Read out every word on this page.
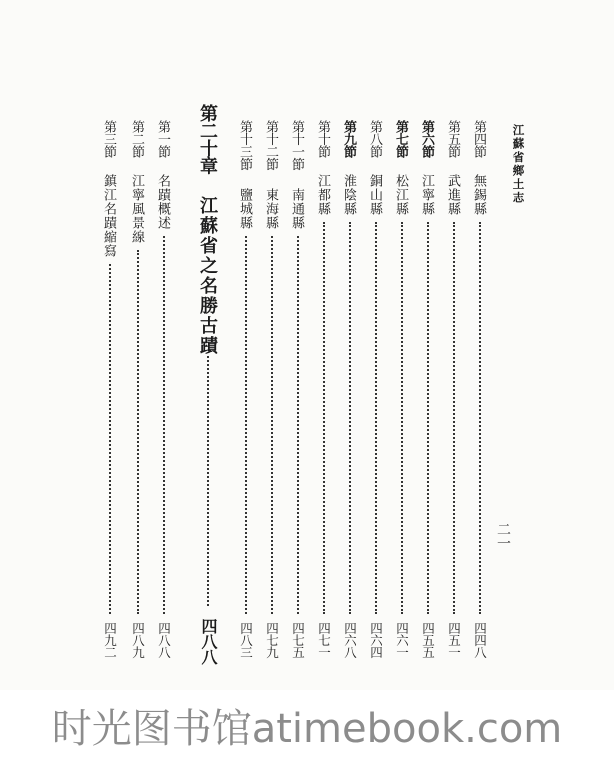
江蘇省鄉土志
二一
第四節
無錫縣
四四八
第五節
武進縣
四五一
第六節
江寧縣
四五五
第七節
松江縣
四六一
第八節
銅山縣
四六四
第九節
淮陰縣
四六八
第十節
江都縣
四七一
第十一節
南通縣
四七五
第十二節
東海縣
四七九
第十三節
鹽城縣
四八三
第二十章
江蘇省之名勝古蹟
四八八
第一節
名蹟概述
四八八
第二節
江寧風景線
四八九
第三節
鎮江名蹟縮寫
四九二
时光图书馆atimebook.com
